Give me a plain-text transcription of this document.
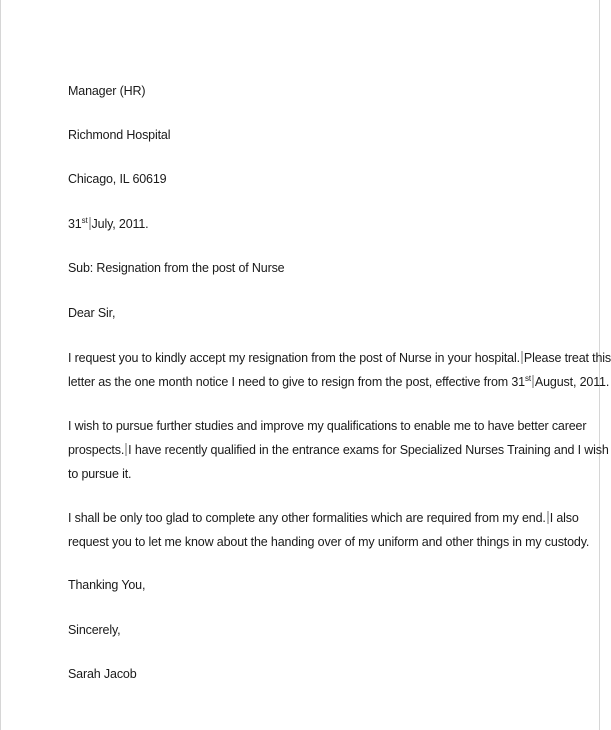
Manager (HR)

Richmond Hospital

Chicago, IL 60619

31st July, 2011.

Sub: Resignation from the post of Nurse

Dear Sir,

I request you to kindly accept my resignation from the post of Nurse in your hospital. Please treat this
letter as the one month notice I need to give to resign from the post, effective from 31st August, 2011.
I wish to pursue further studies and improve my qualifications to enable me to have better career
prospects. I have recently qualified in the entrance exams for Specialized Nurses Training and I wish
to pursue it.
I shall be only too glad to complete any other formalities which are required from my end. I also
request you to let me know about the handing over of my uniform and other things in my custody.

Thanking You,

Sincerely,

Sarah Jacob
